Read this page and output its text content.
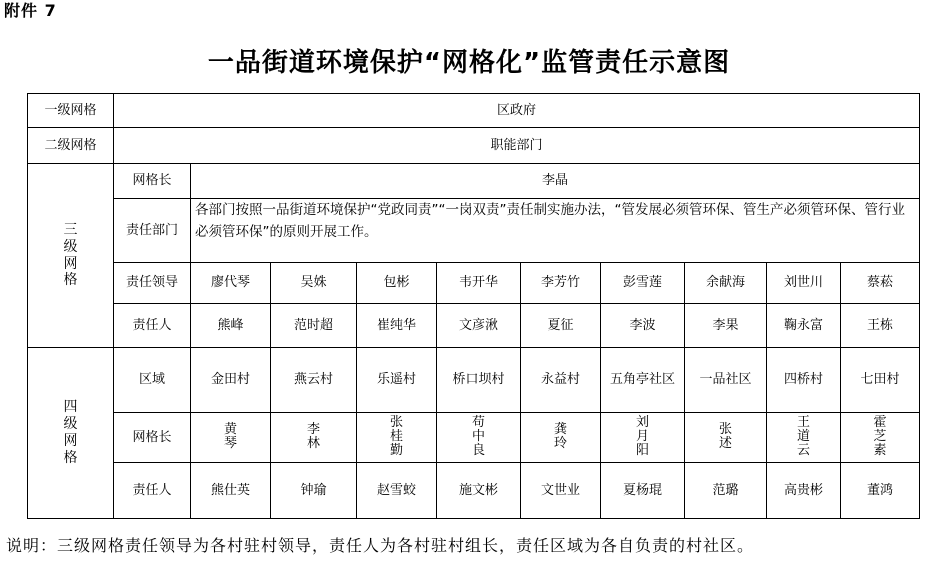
附件 7
一品街道环境保护“网格化”监管责任示意图
一级网格	区政府									
二级网格	职能部门									
三级网格	网格长	李晶								
	责任部门	各部门按照一品街道环境保护“党政同责”“一岗双责”责任制实施办法，“管发展必须管环保、管生产必须管环保、管行业必须管环保”的原则开展工作。								
	责任领导	廖代琴	吴姝	包彬	韦开华	李芳竹	彭雪莲	余献海	刘世川	蔡菘
	责任人	熊峰	范时超	崔纯华	文彦湫	夏征	李波	李果	鞠永富	王栋
四级网格	区域	金田村	燕云村	乐遥村	桥口坝村	永益村	五角亭社区	一品社区	四桥村	七田村
	网格长	黄琴	李林	张桂勤	苟中良	龚玲	刘月阳	张述	王道云	霍芝素
	责任人	熊仕英	钟瑜	赵雪蛟	施文彬	文世业	夏杨琨	范璐	高贵彬	董鸿
说明：三级网格责任领导为各村驻村领导，责任人为各村驻村组长，责任区域为各自负责的村社区。
